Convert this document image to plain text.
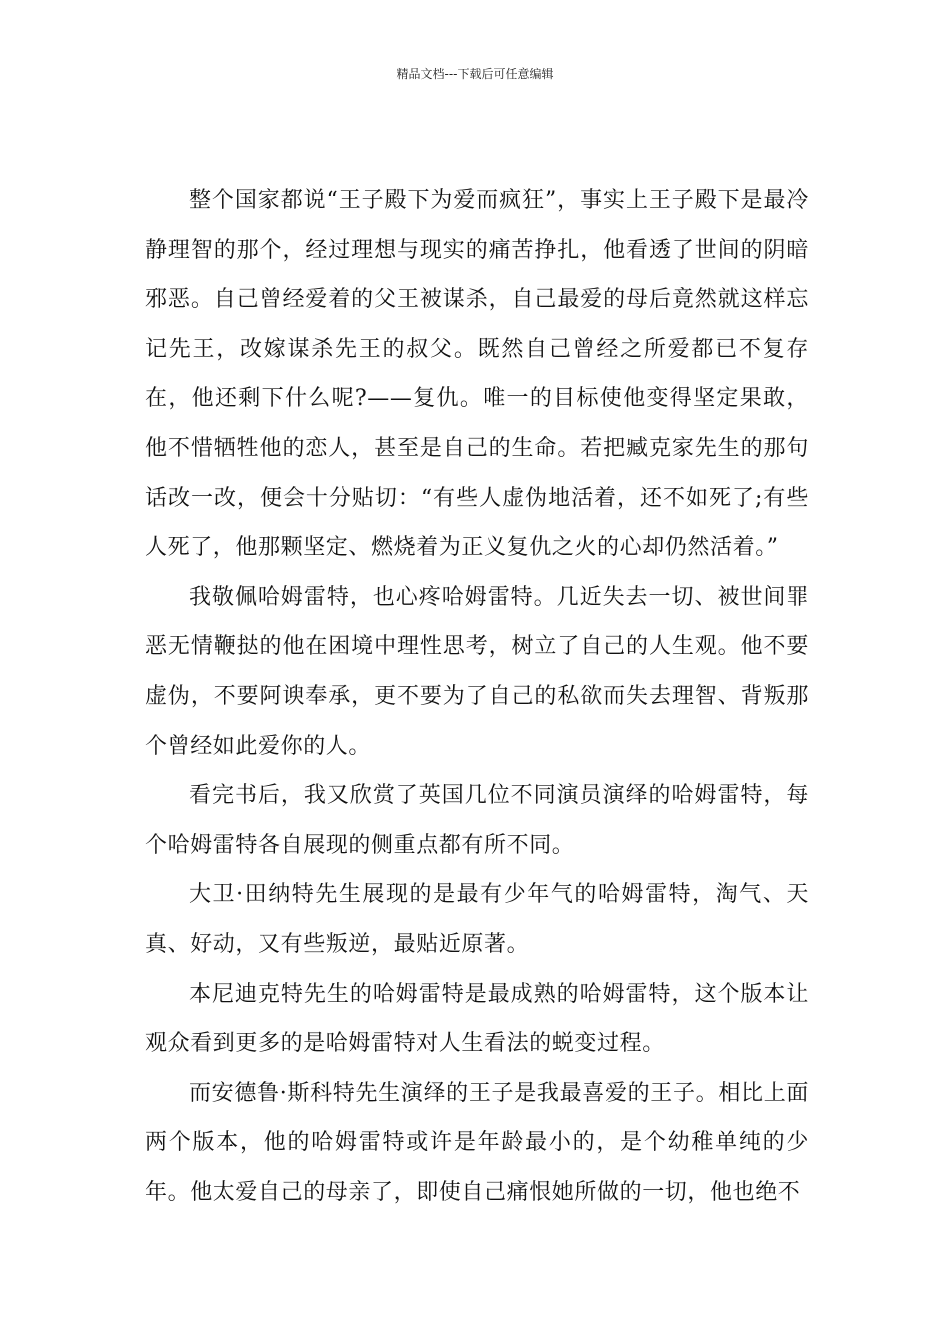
精品文档---下载后可任意编辑

整个国家都说“王子殿下为爱而疯狂”，事实上王子殿下是最冷静理智的那个，经过理想与现实的痛苦挣扎，他看透了世间的阴暗邪恶。自己曾经爱着的父王被谋杀，自己最爱的母后竟然就这样忘记先王，改嫁谋杀先王的叔父。既然自己曾经之所爱都已不复存在，他还剩下什么呢?——复仇。唯一的目标使他变得坚定果敢，他不惜牺牲他的恋人，甚至是自己的生命。若把臧克家先生的那句话改一改，便会十分贴切：“有些人虚伪地活着，还不如死了;有些人死了，他那颗坚定、燃烧着为正义复仇之火的心却仍然活着。”

我敬佩哈姆雷特，也心疼哈姆雷特。几近失去一切、被世间罪恶无情鞭挞的他在困境中理性思考，树立了自己的人生观。他不要虚伪，不要阿谀奉承，更不要为了自己的私欲而失去理智、背叛那个曾经如此爱你的人。

看完书后，我又欣赏了英国几位不同演员演绎的哈姆雷特，每个哈姆雷特各自展现的侧重点都有所不同。

大卫·田纳特先生展现的是最有少年气的哈姆雷特，淘气、天真、好动，又有些叛逆，最贴近原著。

本尼迪克特先生的哈姆雷特是最成熟的哈姆雷特，这个版本让观众看到更多的是哈姆雷特对人生看法的蜕变过程。

而安德鲁·斯科特先生演绎的王子是我最喜爱的王子。相比上面两个版本，他的哈姆雷特或许是年龄最小的，是个幼稚单纯的少年。他太爱自己的母亲了，即使自己痛恨她所做的一切，他也绝不
